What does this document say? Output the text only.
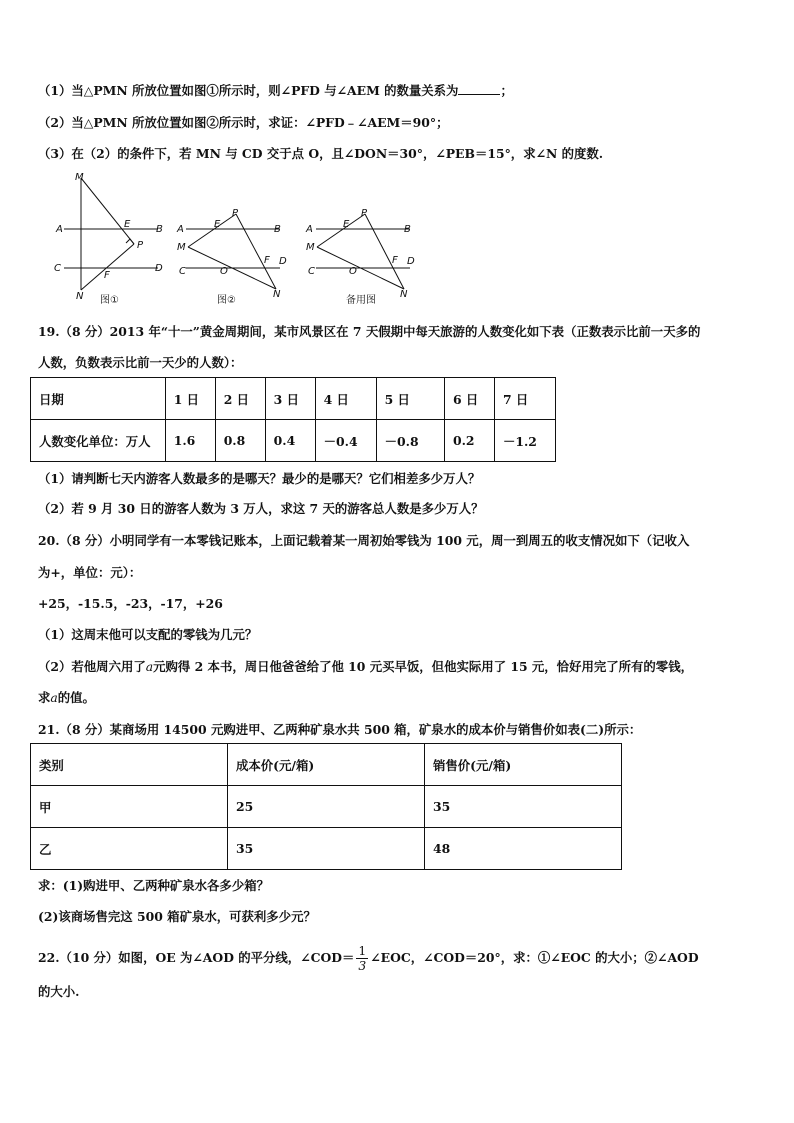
（1）当△PMN 所放位置如图①所示时，则∠PFD 与∠AEM 的数量关系为	；
（2）当△PMN 所放位置如图②所示时，求证：∠PFD﹣∠AEM＝90°；
（3）在（2）的条件下，若 MN 与 CD 交于点 O，且∠DON＝30°，∠PEB＝15°，求∠N 的度数.
M
A	E	B
P
C	D
F
N
P
A	E	B
M
C	O
F D
N
P
A	E	B
M
C	O
F D
N
图①	图②	备用图
19.（8 分）2013 年“十一”黄金周期间，某市风景区在 7 天假期中每天旅游的人数变化如下表（正数表示比前一天多的
人数，负数表示比前一天少的人数）：
日期	1 日	2 日	3 日	4 日	5 日	6 日	7 日
人数变化单位：万人	1.6	0.8	0.4	－0.4	－0.8	0.2	－1.2
（1）请判断七天内游客人数最多的是哪天？最少的是哪天？它们相差多少万人？
（2）若 9 月 30 日的游客人数为 3 万人，求这 7 天的游客总人数是多少万人？
20.（8 分）小明同学有一本零钱记账本，上面记载着某一周初始零钱为 100 元，周一到周五的收支情况如下（记收入
为+，单位：元）：
+25，-15.5，-23，-17，+26
（1）这周末他可以支配的零钱为几元？
（2）若他周六用了a元购得 2 本书，周日他爸爸给了他 10 元买早饭，但他实际用了 15 元，恰好用完了所有的零钱，
求a的值。
21.（8 分）某商场用 14500 元购进甲、乙两种矿泉水共 500 箱，矿泉水的成本价与销售价如表(二)所示：
类别	成本价(元/箱)	销售价(元/箱)
甲	25	35
乙	35	48
求：(1)购进甲、乙两种矿泉水各多少箱？
(2)该商场售完这 500 箱矿泉水，可获利多少元？
22.（10 分）如图，OE 为∠AOD 的平分线，∠COD＝ $\frac{1}{3}$ ∠EOC，∠COD＝20°，求：①∠EOC 的大小；②∠AOD
的大小.
